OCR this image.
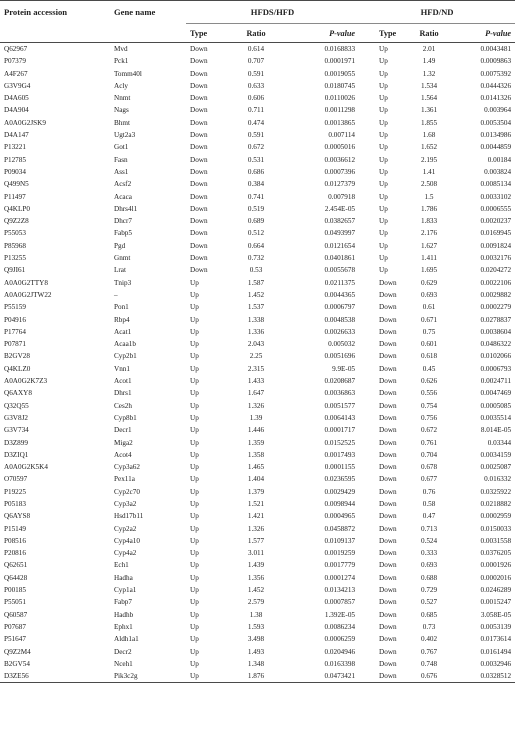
Protein accession	Gene name	HFDS/HFD			HFD/ND		
		Type	Ratio	P-value	Type	Ratio	P-value
Q62967	Mvd	Down	0.614	0.0168833	Up	2.01	0.0043481
P07379	Pck1	Down	0.707	0.0001971	Up	1.49	0.0009863
A4F267	Tomm40l	Down	0.591	0.0019055	Up	1.32	0.0075392
G3V9G4	Acly	Down	0.633	0.0180745	Up	1.534	0.0444326
D4A605	Nnmt	Down	0.606	0.0110026	Up	1.564	0.0141326
D4A904	Nags	Down	0.711	0.0011298	Up	1.361	0.003964
A0A0G2JSK9	Bhmt	Down	0.474	0.0013865	Up	1.855	0.0053504
D4A147	Ugt2a3	Down	0.591	0.007114	Up	1.68	0.0134986
P13221	Got1	Down	0.672	0.0005016	Up	1.652	0.0044859
P12785	Fasn	Down	0.531	0.0036612	Up	2.195	0.00184
P09034	Ass1	Down	0.686	0.0007396	Up	1.41	0.003824
Q499N5	Acsf2	Down	0.384	0.0127379	Up	2.508	0.0085134
P11497	Acaca	Down	0.741	0.007918	Up	1.5	0.0033102
Q4KLP0	Dhrs4l1	Down	0.519	2.454E-05	Up	1.786	0.0006555
Q9Z2Z8	Dhcr7	Down	0.689	0.0382657	Up	1.833	0.0020237
P55053	Fabp5	Down	0.512	0.0493997	Up	2.176	0.0169945
P85968	Pgd	Down	0.664	0.0121654	Up	1.627	0.0091824
P13255	Gnmt	Down	0.732	0.0401861	Up	1.411	0.0032176
Q9JI61	Lrat	Down	0.53	0.0055678	Up	1.695	0.0204272
A0A0G2TTY8	Tnip3	Up	1.587	0.0211375	Down	0.629	0.0022106
A0A0G2JTW22	–	Up	1.452	0.0044365	Down	0.693	0.0029882
P55159	Pon1	Up	1.537	0.0006797	Down	0.61	0.0002279
P04916	Rbp4	Up	1.338	0.0048538	Down	0.671	0.0278837
P17764	Acat1	Up	1.336	0.0026633	Down	0.75	0.0038604
P07871	Acaa1b	Up	2.043	0.005032	Down	0.601	0.0486322
B2GV28	Cyp2b1	Up	2.25	0.0051696	Down	0.618	0.0102066
Q4KLZ0	Vnn1	Up	2.315	9.9E-05	Down	0.45	0.0006793
A0A0G2K7Z3	Acot1	Up	1.433	0.0208687	Down	0.626	0.0024711
Q6AXY8	Dhrs1	Up	1.647	0.0036863	Down	0.556	0.0047469
Q32Q55	Ces2h	Up	1.326	0.0051577	Down	0.754	0.0005085
G3V8J2	Cyp8b1	Up	1.39	0.0064143	Down	0.756	0.0035514
G3V734	Decr1	Up	1.446	0.0001717	Down	0.672	8.014E-05
D3Z899	Miga2	Up	1.359	0.0152525	Down	0.761	0.03344
D3ZIQ1	Acot4	Up	1.358	0.0017493	Down	0.704	0.0034159
A0A0G2K5K4	Cyp3a62	Up	1.465	0.0001155	Down	0.678	0.0025087
O70597	Pex11a	Up	1.404	0.0236595	Down	0.677	0.016332
P19225	Cyp2c70	Up	1.379	0.0029429	Down	0.76	0.0325922
P05183	Cyp3a2	Up	1.521	0.0098944	Down	0.58	0.0218882
Q6AYS8	Hsd17b11	Up	1.421	0.0004965	Down	0.47	0.0002959
P15149	Cyp2a2	Up	1.326	0.0458872	Down	0.713	0.0150033
P08516	Cyp4a10	Up	1.577	0.0109137	Down	0.524	0.0031558
P20816	Cyp4a2	Up	3.011	0.0019259	Down	0.333	0.0376205
Q62651	Ech1	Up	1.439	0.0017779	Down	0.693	0.0001926
Q64428	Hadha	Up	1.356	0.0001274	Down	0.688	0.0002016
P00185	Cyp1a1	Up	1.452	0.0134213	Down	0.729	0.0246289
P55051	Fabp7	Up	2.579	0.0007857	Down	0.527	0.0015247
Q60587	Hadhb	Up	1.38	1.392E-05	Down	0.685	3.058E-05
P07687	Ephx1	Up	1.593	0.0086234	Down	0.73	0.0053139
P51647	Aldh1a1	Up	3.498	0.0006259	Down	0.402	0.0173614
Q9Z2M4	Decr2	Up	1.493	0.0204946	Down	0.767	0.0161494
B2GV54	Nceh1	Up	1.348	0.0163398	Down	0.748	0.0032946
D3ZE56	Pik3c2g	Up	1.876	0.0473421	Down	0.676	0.0328512
